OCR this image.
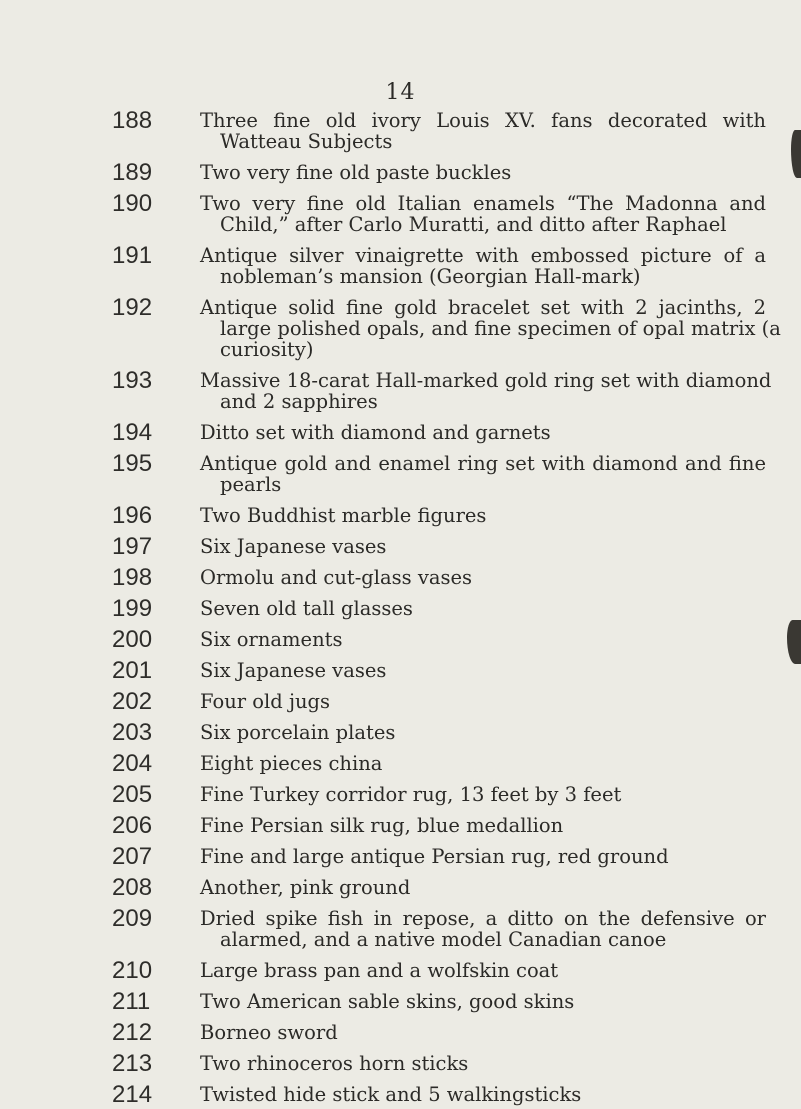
14
188 Three fine old ivory Louis XV. fans decorated with
Watteau Subjects
189 Two very fine old paste buckles
190 Two very fine old Italian enamels “The Madonna and
Child,” after Carlo Muratti, and ditto after Raphael
191 Antique silver vinaigrette with embossed picture of a
nobleman’s mansion (Georgian Hall-mark)
192 Antique solid fine gold bracelet set with 2 jacinths, 2
large polished opals, and fine specimen of opal matrix (a
curiosity)
193 Massive 18-carat Hall-marked gold ring set with diamond
and 2 sapphires
194 Ditto set with diamond and garnets
195 Antique gold and enamel ring set with diamond and fine
pearls
196 Two Buddhist marble figures
197 Six Japanese vases
198 Ormolu and cut-glass vases
199 Seven old tall glasses
200 Six ornaments
201 Six Japanese vases
202 Four old jugs
203 Six porcelain plates
204 Eight pieces china
205 Fine Turkey corridor rug, 13 feet by 3 feet
206 Fine Persian silk rug, blue medallion
207 Fine and large antique Persian rug, red ground
208 Another, pink ground
209 Dried spike fish in repose, a ditto on the defensive or
alarmed, and a native model Canadian canoe
210 Large brass pan and a wolfskin coat
211	Two American sable skins, good skins
212 Borneo sword
213 Two rhinoceros horn sticks
214 Twisted hide stick and 5 walkingsticks
